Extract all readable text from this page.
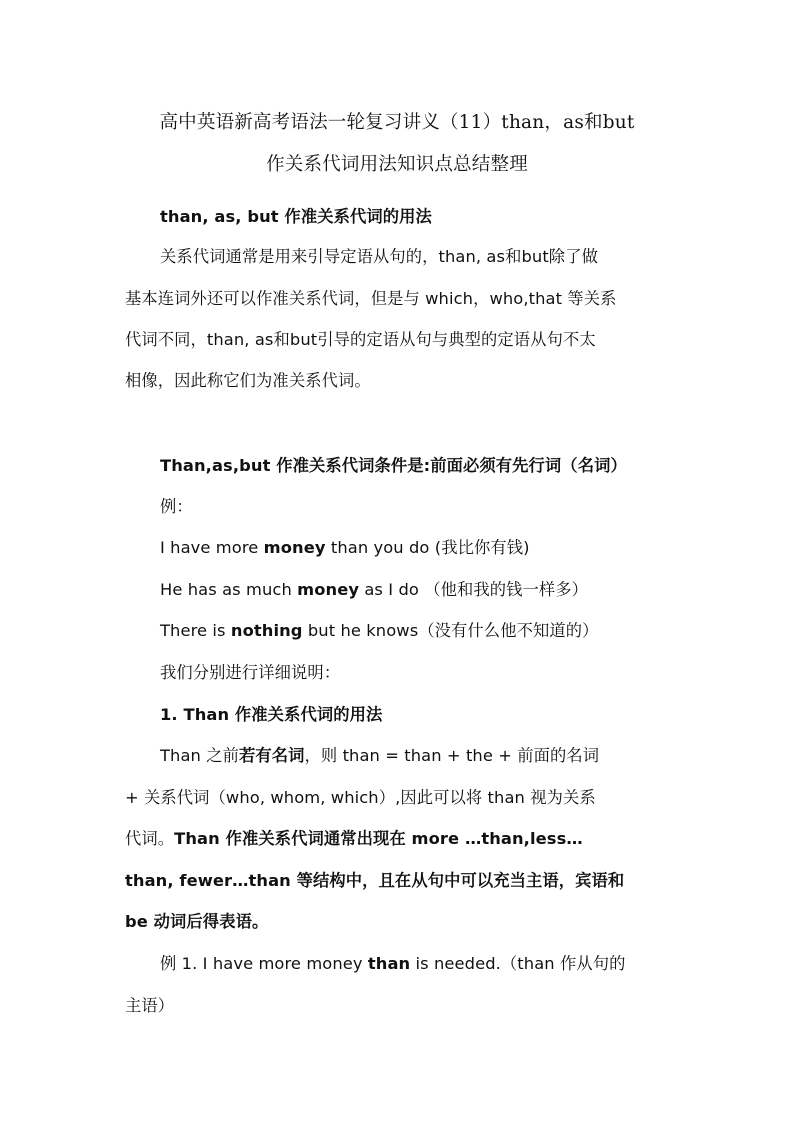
高中英语新高考语法一轮复习讲义（11）than，as和but
作关系代词用法知识点总结整理
than, as, but 作准关系代词的用法
关系代词通常是用来引导定语从句的，than, as和but除了做
基本连词外还可以作准关系代词，但是与 which，who,that 等关系
代词不同，than, as和but引导的定语从句与典型的定语从句不太
相像，因此称它们为准关系代词。
Than,as,but 作准关系代词条件是:前面必须有先行词（名词）
例：
I have more money than you do (我比你有钱)
He has as much money as I do （他和我的钱一样多）
There is nothing but he knows（没有什么他不知道的）
我们分别进行详细说明：
1. Than 作准关系代词的用法
Than 之前若有名词，则 than = than + the + 前面的名词
+ 关系代词（who, whom, which）,因此可以将 than 视为关系
代词。Than 作准关系代词通常出现在 more …than,less…
than, fewer…than 等结构中，且在从句中可以充当主语，宾语和
be 动词后得表语。
例 1. I have more money than is needed.（than 作从句的
主语）
